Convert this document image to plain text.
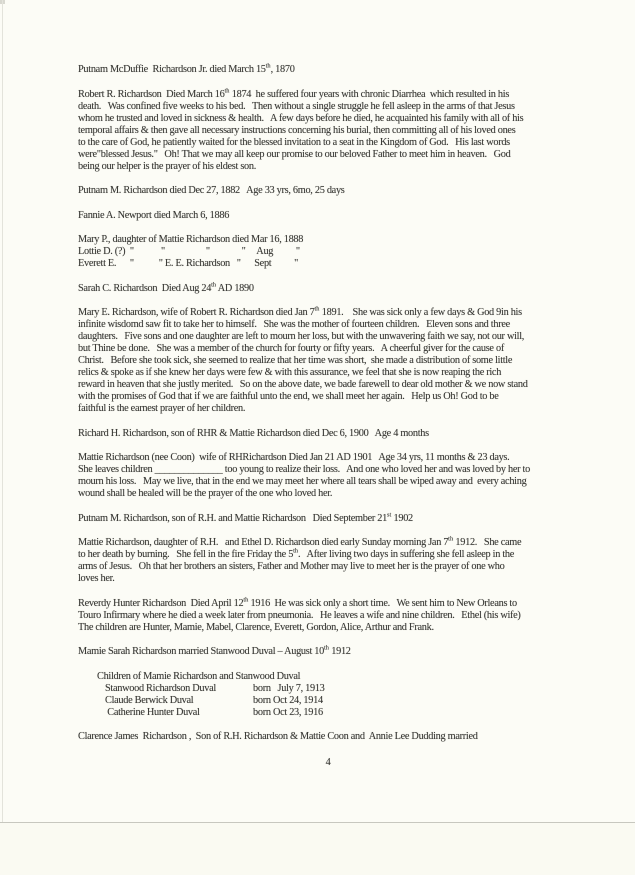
Putnam McDuffie  Richardson Jr. died March 15th, 1870
Robert R. Richardson  Died March 16th 1874  he suffered four years with chronic Diarrhea  which resulted in his
death.   Was confined five weeks to his bed.   Then without a single struggle he fell asleep in the arms of that Jesus
whom he trusted and loved in sickness & health.   A few days before he died, he acquainted his family with all of his
temporal affairs & then gave all necessary instructions concerning his burial, then committing all of his loved ones
to the care of God, he patiently waited for the blessed invitation to a seat in the Kingdom of God.   His last words
were"blessed Jesus."   Oh! That we may all keep our promise to our beloved Father to meet him in heaven.   God
being our helper is the prayer of his eldest son.
Putnam M. Richardson died Dec 27, 1882   Age 33 yrs, 6mo, 25 days
Fannie A. Newport died March 6, 1886
Mary P., daughter of Mattie Richardson died Mar 16, 1888
Lottie D. (?)  "            "                  "              "     Aug          "
Everett E.      "           " E. E. Richardson   "      Sept          "
Sarah C. Richardson  Died Aug 24th AD 1890
Mary E. Richardson, wife of Robert R. Richardson died Jan 7th 1891.    She was sick only a few days & God 9in his
infinite wisdomd saw fit to take her to himself.   She was the mother of fourteen children.   Eleven sons and three
daughters.   Five sons and one daughter are left to mourn her loss, but with the unwavering faith we say, not our will,
but Thine be done.   She was a member of the church for fourty or fifty years.   A cheerful giver for the cause of
Christ.   Before she took sick, she seemed to realize that her time was short,  she made a distribution of some little
relics & spoke as if she knew her days were few & with this assurance, we feel that she is now reaping the rich
reward in heaven that she justly merited.   So on the above date, we bade farewell to dear old mother & we now stand
with the promises of God that if we are faithful unto the end, we shall meet her again.   Help us Oh! God to be
faithful is the earnest prayer of her children.
Richard H. Richardson, son of RHR & Mattie Richardson died Dec 6, 1900   Age 4 months
Mattie Richardson (nee Coon)  wife of RHRichardson Died Jan 21 AD 1901   Age 34 yrs, 11 months & 23 days.
She leaves children ______________ too young to realize their loss.   And one who loved her and was loved by her to
mourn his loss.   May we live, that in the end we may meet her where all tears shall be wiped away and  every aching
wound shall be healed will be the prayer of the one who loved her.
Putnam M. Richardson, son of R.H. and Mattie Richardson   Died September 21st 1902
Mattie Richardson, daughter of R.H.   and Ethel D. Richardson died early Sunday morning Jan 7th 1912.   She came
to her death by burning.   She fell in the fire Friday the 5th.   After living two days in suffering she fell asleep in the
arms of Jesus.   Oh that her brothers an sisters, Father and Mother may live to meet her is the prayer of one who
loves her.
Reverdy Hunter Richardson  Died April 12th 1916  He was sick only a short time.   We sent him to New Orleans to
Touro Infirmary where he died a week later from pneumonia.   He leaves a wife and nine children.   Ethel (his wife)
The children are Hunter, Mamie, Mabel, Clarence, Everett, Gordon, Alice, Arthur and Frank.
Mamie Sarah Richardson married Stanwood Duval – August 10th 1912
Children of Mamie Richardson and Stanwood Duval
Stanwood Richardson Duval	born   July 7, 1913
Claude Berwick Duval	born Oct 24, 1914
Catherine Hunter Duval	born Oct 23, 1916
Clarence James  Richardson ,  Son of R.H. Richardson & Mattie Coon and  Annie Lee Dudding married
4
